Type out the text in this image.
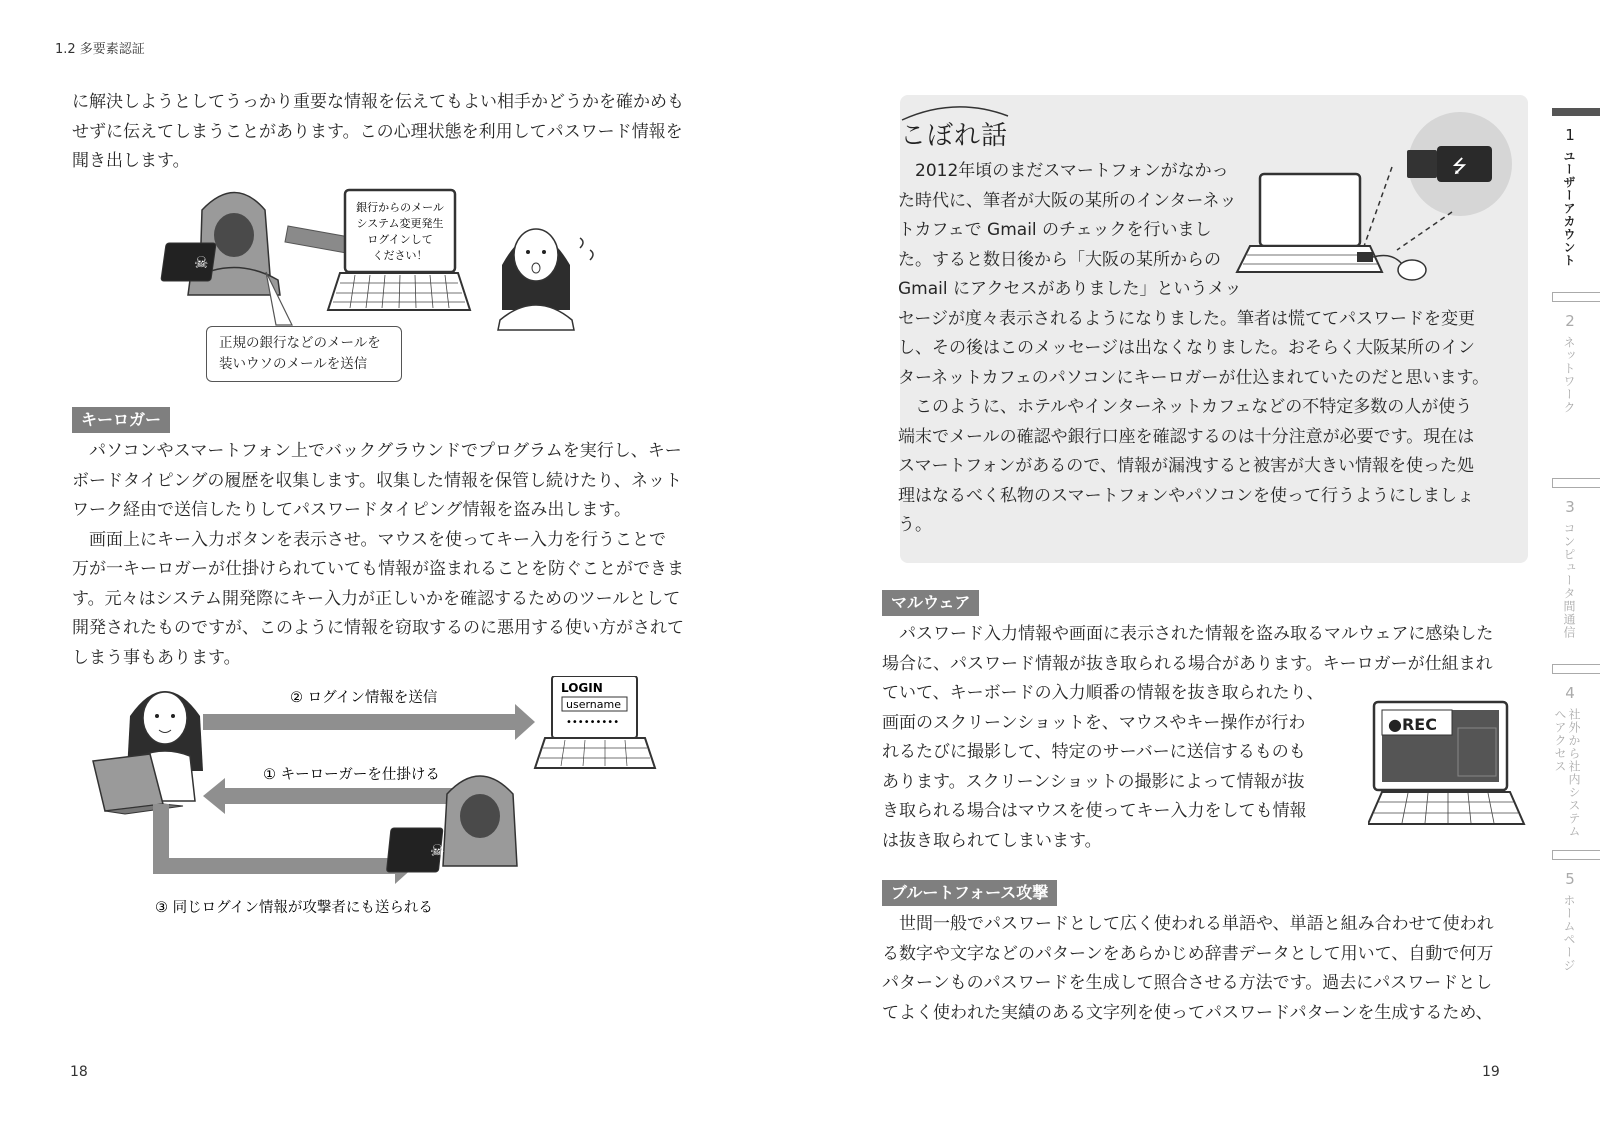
1.2 多要素認証

に解決しようとしてうっかり重要な情報を伝えてもよい相手かどうかを確かめも

せずに伝えてしまうことがあります。この心理状態を利用してパスワード情報を

聞き出します。

☠
銀行からのメール
システム変更発生
ログインして
ください！
正規の銀行などのメールを
装いウソのメールを送信
キーロガー

パソコンやスマートフォン上でバックグラウンドでプログラムを実行し、キー

ボードタイピングの履歴を収集します。収集した情報を保管し続けたり、ネット

ワーク経由で送信したりしてパスワードタイピング情報を盗み出します。

画面上にキー入力ボタンを表示させ。マウスを使ってキー入力を行うことで

万が一キーロガーが仕掛けられていても情報が盗まれることを防ぐことができま

す。元々はシステム開発際にキー入力が正しいかを確認するためのツールとして

開発されたものですが、このように情報を窃取するのに悪用する使い方がされて

しまう事もあります。

LOGIN
username
•••••••••
☠
② ログイン情報を送信
① キーローガーを仕掛ける
③ 同じログイン情報が攻撃者にも送られる
18
こぼれ話

2012年頃のまだスマートフォンがなかっ

た時代に、筆者が大阪の某所のインターネッ

トカフェで Gmail のチェックを行いまし

た。すると数日後から「大阪の某所からの

Gmail にアクセスがありました」というメッ

セージが度々表示されるようになりました。筆者は慌ててパスワードを変更

し、その後はこのメッセージは出なくなりました。おそらく大阪某所のイン

ターネットカフェのパソコンにキーロガーが仕込まれていたのだと思います。

このように、ホテルやインターネットカフェなどの不特定多数の人が使う

端末でメールの確認や銀行口座を確認するのは十分注意が必要です。現在は

スマートフォンがあるので、情報が漏洩すると被害が大きい情報を使った処

理はなるべく私物のスマートフォンやパソコンを使って行うようにしましょ

う。

⭍
マルウェア

パスワード入力情報や画面に表示された情報を盗み取るマルウェアに感染した

場合に、パスワード情報が抜き取られる場合があります。キーロガーが仕組まれ

ていて、キーボードの入力順番の情報を抜き取られたり、

画面のスクリーンショットを、マウスやキー操作が行わ

れるたびに撮影して、特定のサーバーに送信するものも

あります。スクリーンショットの撮影によって情報が抜

き取られる場合はマウスを使ってキー入力をしても情報

は抜き取られてしまいます。

●REC
ブルートフォース攻撃

世間一般でパスワードとして広く使われる単語や、単語と組み合わせて使われ

る数字や文字などのパターンをあらかじめ辞書データとして用いて、自動で何万

パターンものパスワードを生成して照合させる方法です。過去にパスワードとし

てよく使われた実績のある文字列を使ってパスワードパターンを生成するため、

19
1
ユーザーアカウント
2
ネットワーク
3
コンピュータ間通信
4
社外から社内システムへアクセス
5
ホームページ
